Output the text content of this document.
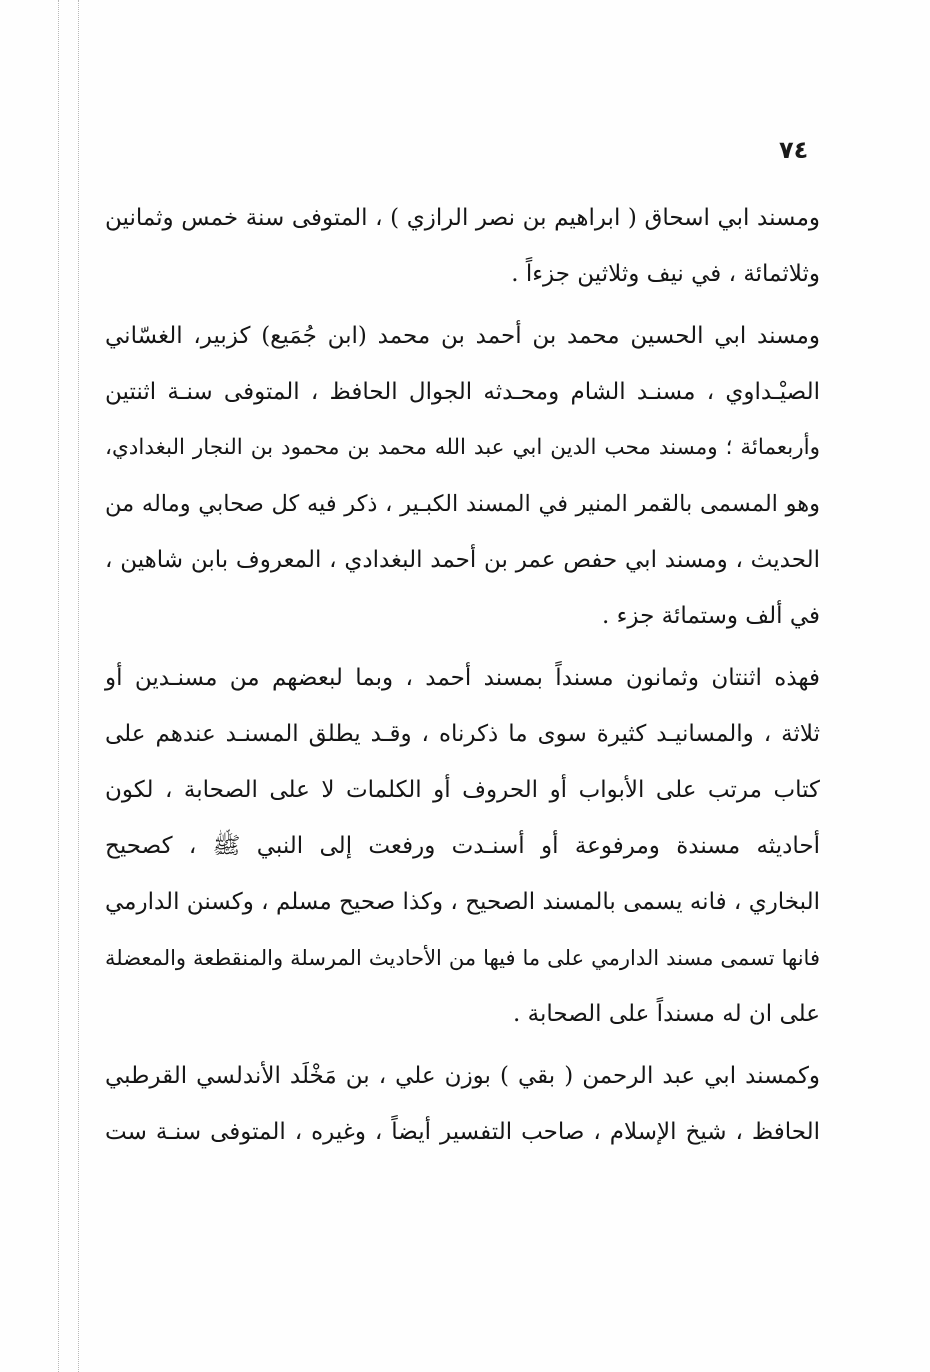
٧٤
ومسند ابي اسحاق ( ابراهيم بن نصر الرازي ) ، المتوفى سنة خمس وثمانين
وثلاثمائة ، في نيف وثلاثين جزءاً .
ومسند ابي الحسين محمد بن أحمد بن محمد (ابن جُمَيع) كزبير، الغسّاني
الصيْـداوي ، مسنـد الشام ومحـدثه الجوال الحافظ ، المتوفى سنـة اثنتين
وأربعمائة ؛ ومسند محب الدين ابي عبد الله محمد بن محمود بن النجار البغدادي،
وهو المسمى بالقمر المنير في المسند الكبـير ، ذكر فيه كل صحابي وماله من
الحديث ، ومسند ابي حفص عمر بن أحمد البغدادي ، المعروف بابن شاهين ،
في ألف وستمائة جزء .
فهذه اثنتان وثمانون مسنداً بمسند أحمد ، وبما لبعضهم من مسنـدين أو
ثلاثة ، والمسانيـد كثيرة سوى ما ذكرناه ، وقـد يطلق المسنـد عندهم على
كتاب مرتب على الأبواب أو الحروف أو الكلمات لا على الصحابة ، لكون
أحاديثه مسندة ومرفوعة أو أسنـدت ورفعت إلى النبي ﷺ ، كصحيح
البخاري ، فانه يسمى بالمسند الصحيح ، وكذا صحيح مسلم ، وكسنن الدارمي
فانها تسمى مسند الدارمي على ما فيها من الأحاديث المرسلة والمنقطعة والمعضلة
على ان له مسنداً على الصحابة .
وكمسند ابي عبد الرحمن ( بقي ) بوزن علي ، بن مَخْلَد الأندلسي القرطبي
الحافظ ، شيخ الإسلام ، صاحب التفسير أيضاً ، وغيره ، المتوفى سنـة ست
